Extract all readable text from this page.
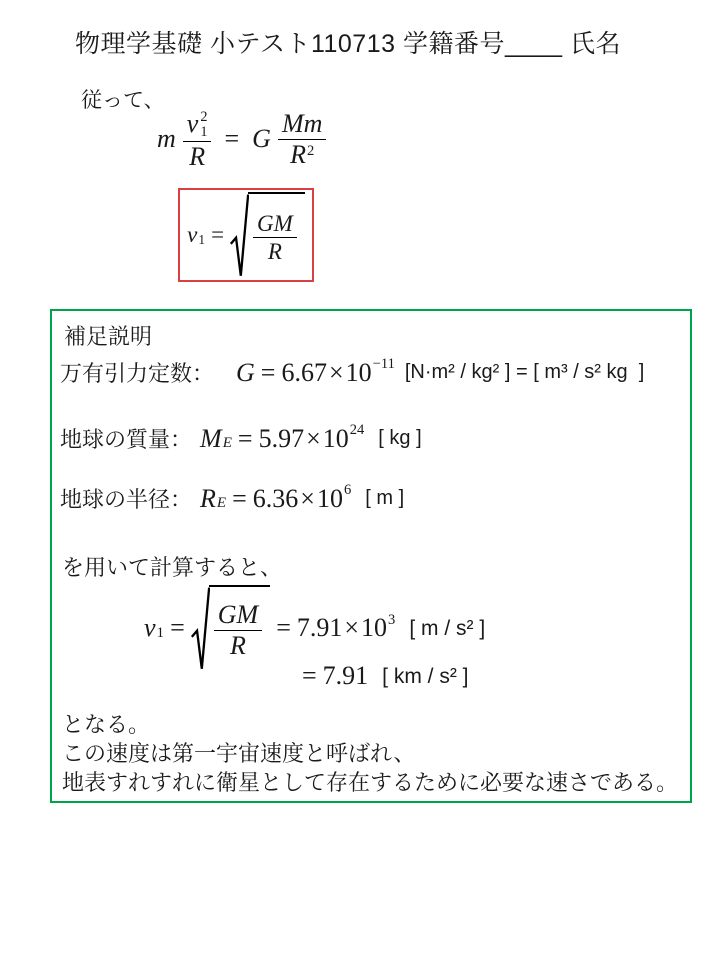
物理学基礎 小テスト110713 学籍番号____ 氏名
従って、
m v 2
1
R = G $\frac{Mm}{R^2}$
v $1 = \frac{GM}{R}$
補足説明
万有引力定数： G = 6.67 × 10 −11 [N·m² / kg² ] = [ m³ / s² kg  ]
地球の質量： M E = 5.97 × 10 24 [ kg ]
地球の半径： R E = 6.36 × 10 6 [ m ]
を用いて計算すると、
v $1 = \frac{GM}{R} = 7.91 \times 10$ 3 [ m / s² ]
= 7.91 [ km / s² ]
となる。
この速度は第一宇宙速度と呼ばれ、
地表すれすれに衛星として存在するために必要な速さである。
